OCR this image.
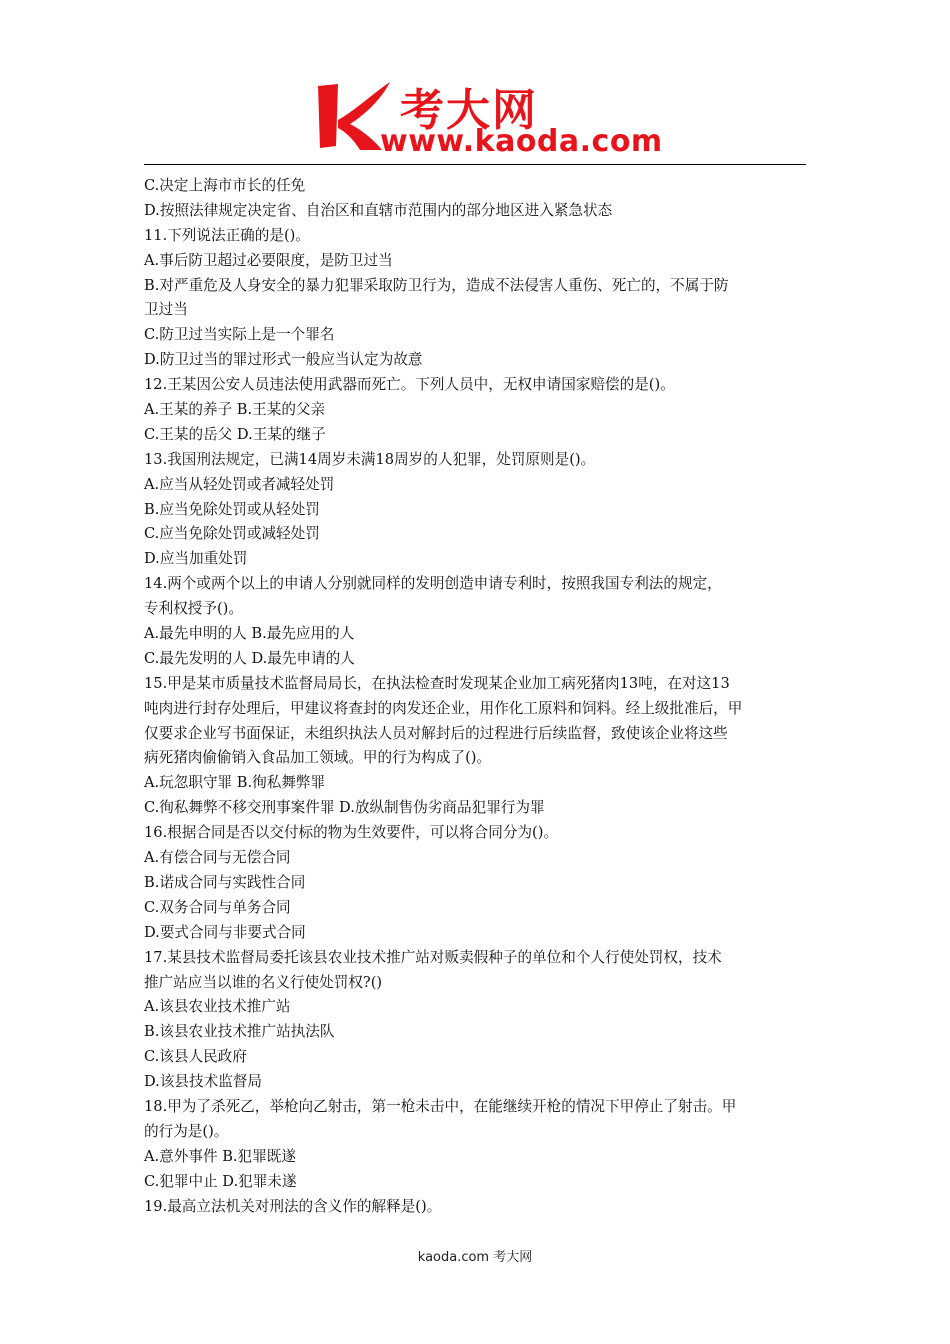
考大网
www.kaoda.com
C.决定上海市市长的任免
D.按照法律规定决定省、自治区和直辖市范围内的部分地区进入紧急状态
11.下列说法正确的是()。
A.事后防卫超过必要限度，是防卫过当
B.对严重危及人身安全的暴力犯罪采取防卫行为，造成不法侵害人重伤、死亡的，不属于防
卫过当
C.防卫过当实际上是一个罪名
D.防卫过当的罪过形式一般应当认定为故意
12.王某因公安人员违法使用武器而死亡。下列人员中，无权申请国家赔偿的是()。
A.王某的养子 B.王某的父亲
C.王某的岳父 D.王某的继子
13.我国刑法规定，已满14周岁未满18周岁的人犯罪，处罚原则是()。
A.应当从轻处罚或者减轻处罚
B.应当免除处罚或从轻处罚
C.应当免除处罚或减轻处罚
D.应当加重处罚
14.两个或两个以上的申请人分别就同样的发明创造申请专利时，按照我国专利法的规定，
专利权授予()。
A.最先申明的人 B.最先应用的人
C.最先发明的人 D.最先申请的人
15.甲是某市质量技术监督局局长，在执法检查时发现某企业加工病死猪肉13吨，在对这13
吨肉进行封存处理后，甲建议将查封的肉发还企业，用作化工原料和饲料。经上级批准后，甲
仅要求企业写书面保证，未组织执法人员对解封后的过程进行后续监督，致使该企业将这些
病死猪肉偷偷销入食品加工领域。甲的行为构成了()。
A.玩忽职守罪 B.徇私舞弊罪
C.徇私舞弊不移交刑事案件罪 D.放纵制售伪劣商品犯罪行为罪
16.根据合同是否以交付标的物为生效要件，可以将合同分为()。
A.有偿合同与无偿合同
B.诺成合同与实践性合同
C.双务合同与单务合同
D.要式合同与非要式合同
17.某县技术监督局委托该县农业技术推广站对贩卖假种子的单位和个人行使处罚权，技术
推广站应当以谁的名义行使处罚权?()
A.该县农业技术推广站
B.该县农业技术推广站执法队
C.该县人民政府
D.该县技术监督局
18.甲为了杀死乙，举枪向乙射击，第一枪未击中，在能继续开枪的情况下甲停止了射击。甲
的行为是()。
A.意外事件 B.犯罪既遂
C.犯罪中止 D.犯罪未遂
19.最高立法机关对刑法的含义作的解释是()。
kaoda.com 考大网
